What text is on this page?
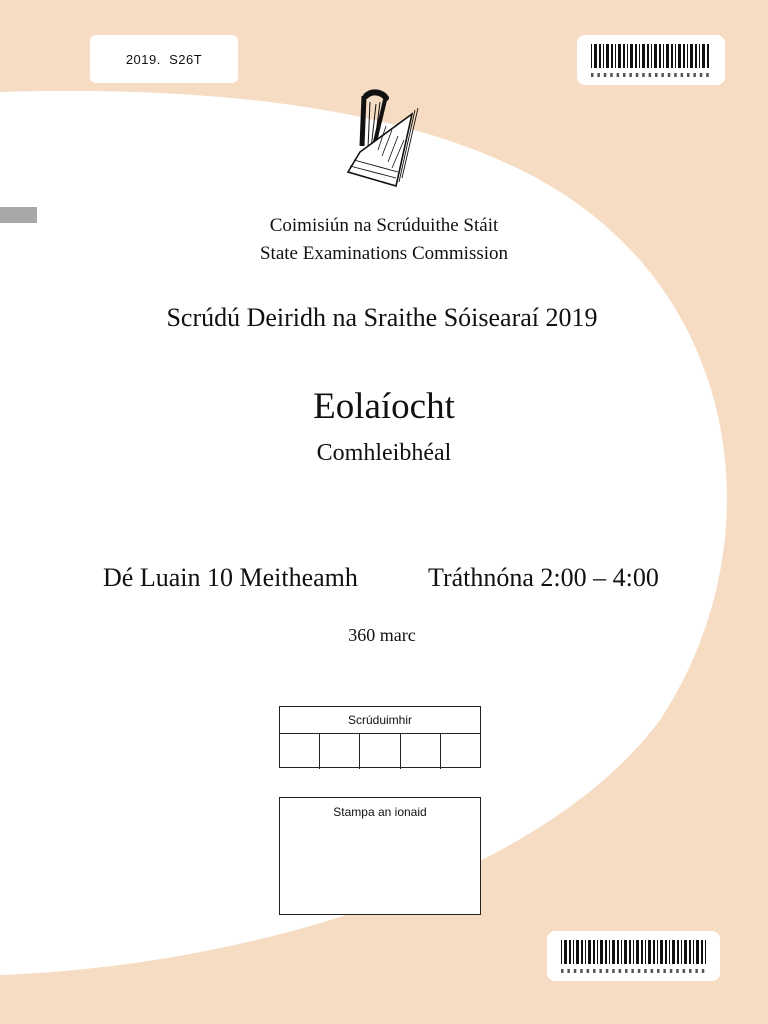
2019.  S26T
Coimisiún na Scrúduithe Stáit
State Examinations Commission
Scrúdú Deiridh na Sraithe Sóisearaí 2019
Eolaíocht
Comhleibhéal
Dé Luain 10 Meitheamh	Tráthnóna 2:00 – 4:00
360 marc
Scrúduimhir
Stampa an ionaid
